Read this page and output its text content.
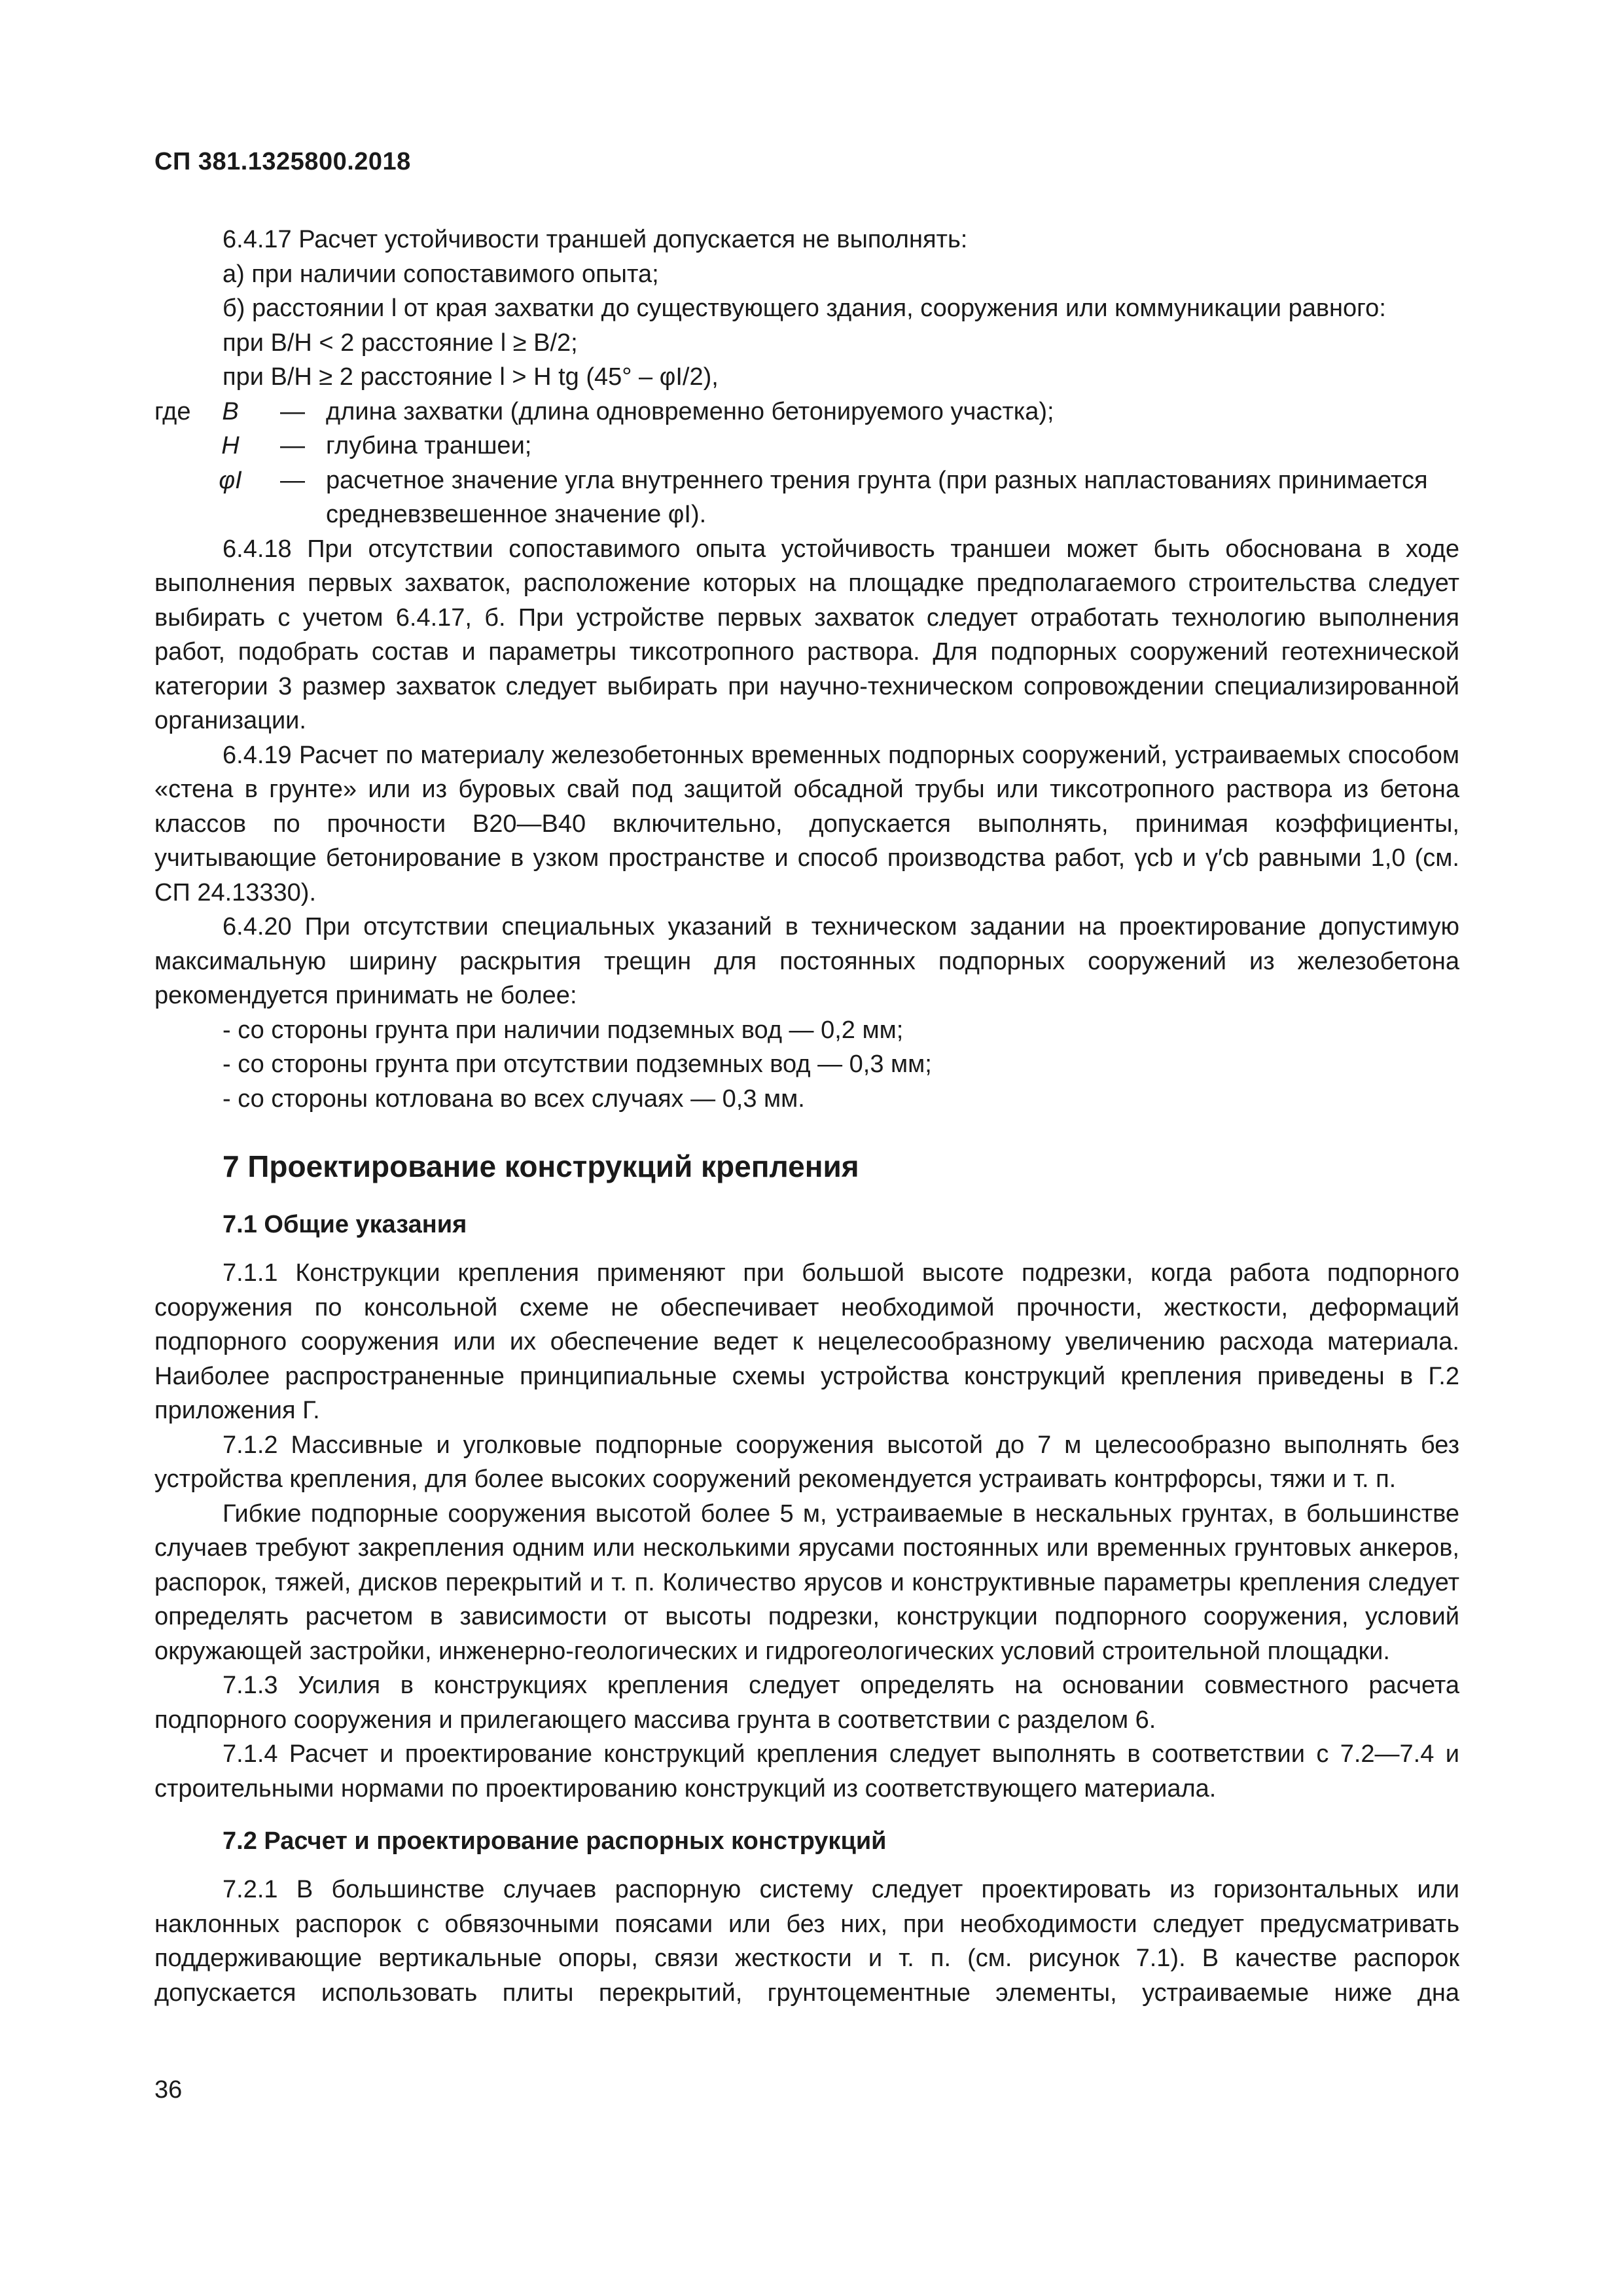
СП 381.1325800.2018

6.4.17 Расчет устойчивости траншей допускается не выполнять:

а) при наличии сопоставимого опыта;

б) расстоянии l от края захватки до существующего здания, сооружения или коммуникации равного:

при B/H < 2 расстояние l ≥ B/2;

при B/H ≥ 2 расстояние l > H tg (45° – φI/2),

где	B	— длина захватки (длина одновременно бетонируемого участка);
H	— глубина траншеи;
φI	— расчетное значение угла внутреннего трения грунта (при разных напластованиях принимается средневзвешенное значение φI).

6.4.18 При отсутствии сопоставимого опыта устойчивость траншеи может быть обоснована в ходе выполнения первых захваток, расположение которых на площадке предполагаемого строительства следует выбирать с учетом 6.4.17, б. При устройстве первых захваток следует отработать технологию выполнения работ, подобрать состав и параметры тиксотропного раствора. Для подпорных сооружений геотехнической категории 3 размер захваток следует выбирать при научно-техническом сопровождении специализированной организации.

6.4.19 Расчет по материалу железобетонных временных подпорных сооружений, устраиваемых способом «стена в грунте» или из буровых свай под защитой обсадной трубы или тиксотропного раствора из бетона классов по прочности В20—В40 включительно, допускается выполнять, принимая коэффициенты, учитывающие бетонирование в узком пространстве и способ производства работ, γcb и γ′cb равными 1,0 (см. СП 24.13330).

6.4.20 При отсутствии специальных указаний в техническом задании на проектирование допустимую максимальную ширину раскрытия трещин для постоянных подпорных сооружений из железобетона рекомендуется принимать не более:

- со стороны грунта при наличии подземных вод — 0,2 мм;
- со стороны грунта при отсутствии подземных вод — 0,3 мм;
- со стороны котлована во всех случаях — 0,3 мм.
7 Проектирование конструкций крепления
7.1 Общие указания

7.1.1 Конструкции крепления применяют при большой высоте подрезки, когда работа подпорного сооружения по консольной схеме не обеспечивает необходимой прочности, жесткости, деформаций подпорного сооружения или их обеспечение ведет к нецелесообразному увеличению расхода материала. Наиболее распространенные принципиальные схемы устройства конструкций крепления приведены в Г.2 приложения Г.

7.1.2 Массивные и уголковые подпорные сооружения высотой до 7 м целесообразно выполнять без устройства крепления, для более высоких сооружений рекомендуется устраивать контрфорсы, тяжи и т. п.

Гибкие подпорные сооружения высотой более 5 м, устраиваемые в нескальных грунтах, в большинстве случаев требуют закрепления одним или несколькими ярусами постоянных или временных грунтовых анкеров, распорок, тяжей, дисков перекрытий и т. п. Количество ярусов и конструктивные параметры крепления следует определять расчетом в зависимости от высоты подрезки, конструкции подпорного сооружения, условий окружающей застройки, инженерно-геологических и гидрогеологических условий строительной площадки.

7.1.3 Усилия в конструкциях крепления следует определять на основании совместного расчета подпорного сооружения и прилегающего массива грунта в соответствии с разделом 6.

7.1.4 Расчет и проектирование конструкций крепления следует выполнять в соответствии с 7.2—7.4 и строительными нормами по проектированию конструкций из соответствующего материала.

7.2 Расчет и проектирование распорных конструкций

7.2.1 В большинстве случаев распорную систему следует проектировать из горизонтальных или наклонных распорок с обвязочными поясами или без них, при необходимости следует предусматривать поддерживающие вертикальные опоры, связи жесткости и т. п. (см. рисунок 7.1). В качестве распорок допускается использовать плиты перекрытий, грунтоцементные элементы, устраиваемые ниже дна

36
